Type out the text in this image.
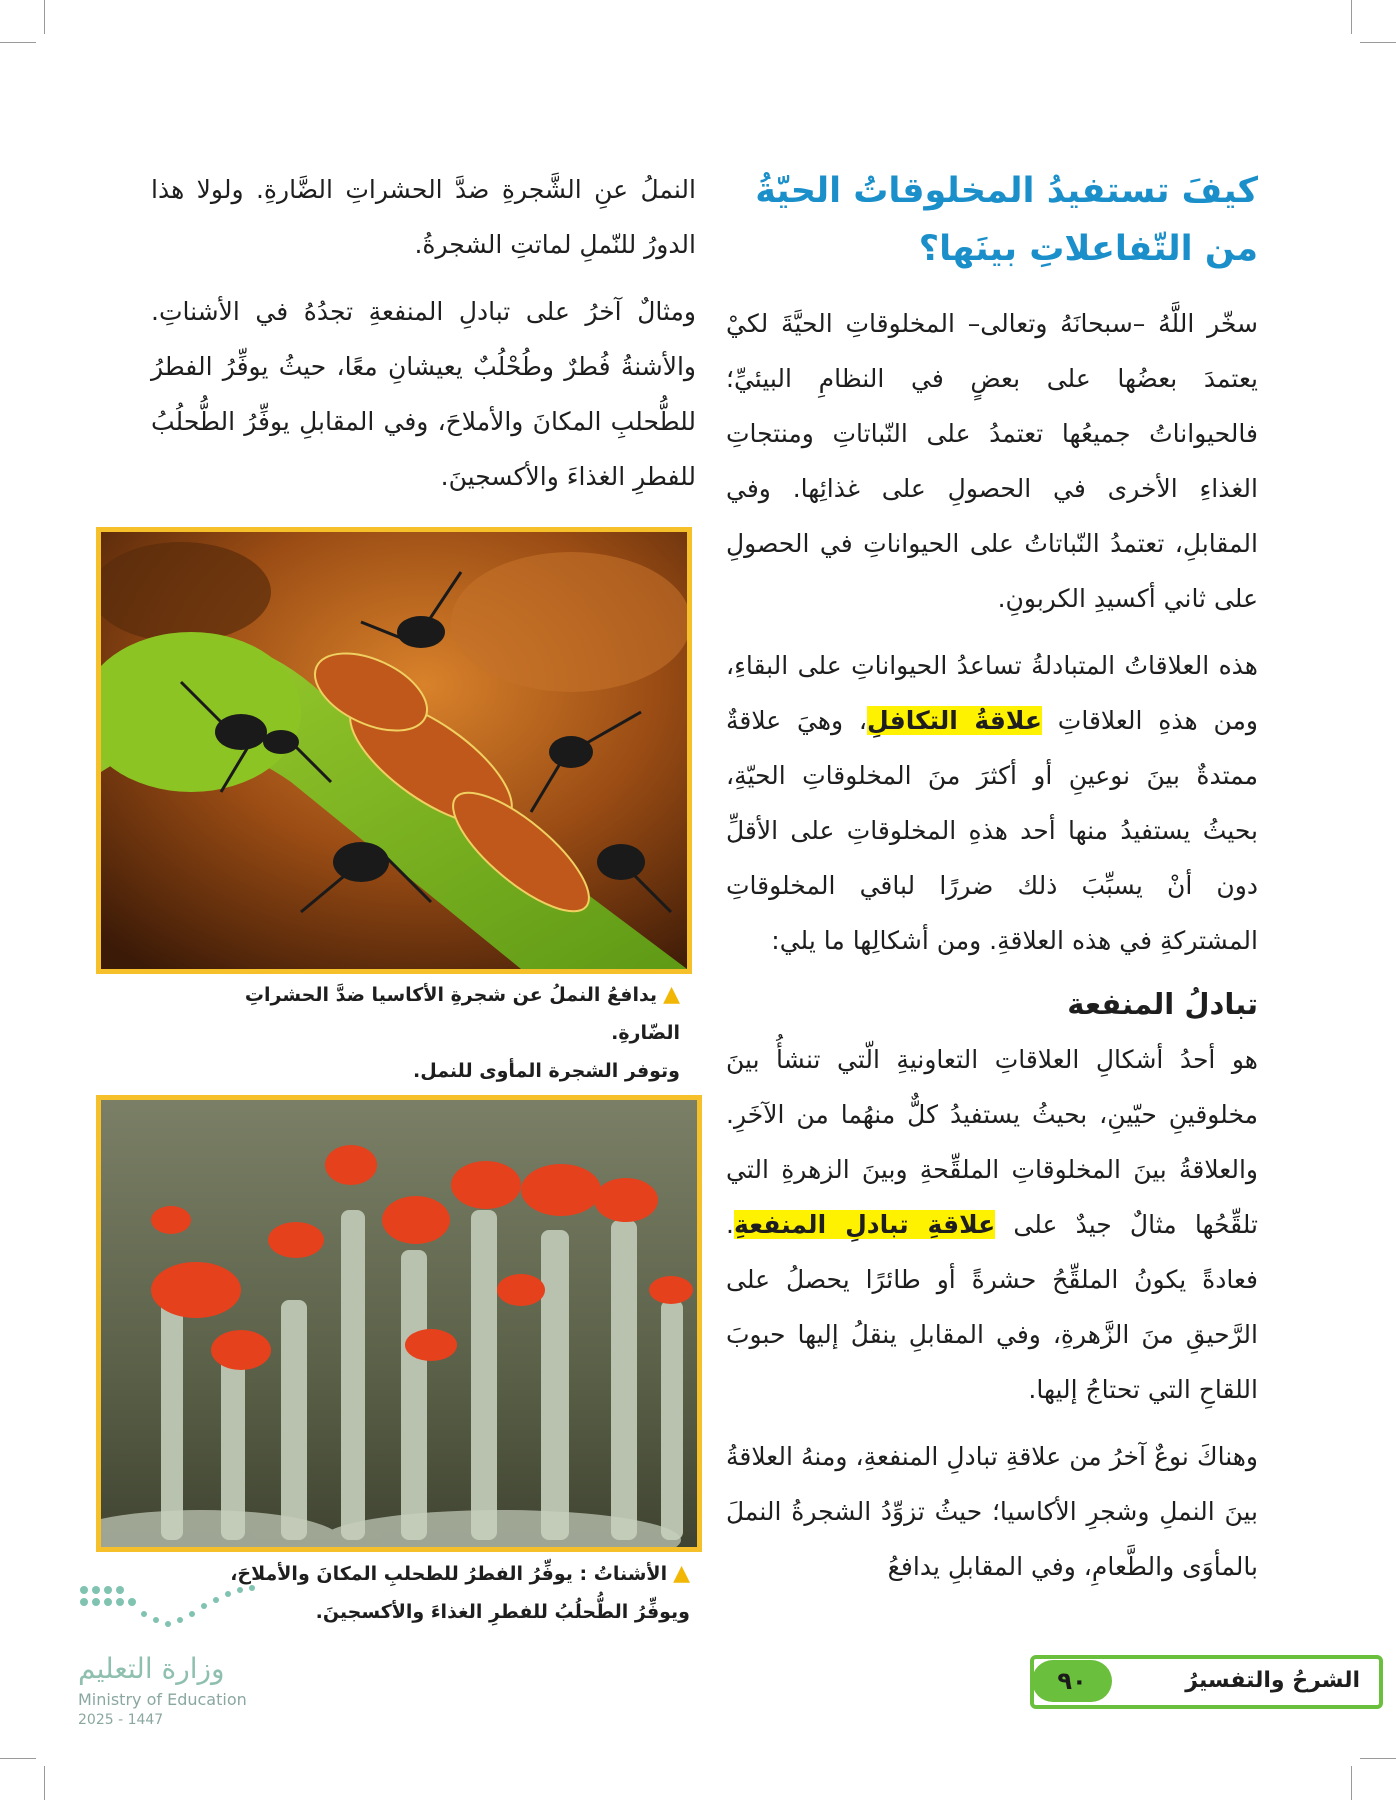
كيفَ تستفيدُ المخلوقاتُ الحيّةُ من التّفاعلاتِ بينَها؟

سخّر اللَّهُ –سبحانَهُ وتعالى– المخلوقاتِ الحيَّةَ لكيْ يعتمدَ بعضُها على بعضٍ في النظامِ البيئيِّ؛ فالحيواناتُ جميعُها تعتمدُ على النّباتاتِ ومنتجاتِ الغذاءِ الأخرى في الحصولِ على غذائِها. وفي المقابلِ، تعتمدُ النّباتاتُ على الحيواناتِ في الحصولِ على ثاني أكسيدِ الكربونِ.

هذه العلاقاتُ المتبادلةُ تساعدُ الحيواناتِ على البقاءِ، ومن هذهِ العلاقاتِ علاقةُ التكافلِ، وهيَ علاقةٌ ممتدةٌ بينَ نوعينِ أو أكثرَ منَ المخلوقاتِ الحيّةِ، بحيثُ يستفيدُ منها أحد هذهِ المخلوقاتِ على الأقلِّ دون أنْ يسبِّبَ ذلك ضررًا لباقي المخلوقاتِ المشتركةِ في هذه العلاقةِ. ومن أشكالِها ما يلي:

تبادلُ المنفعة

هو أحدُ أشكالِ العلاقاتِ التعاونيةِ الّتي تنشأُ بينَ مخلوقينِ حيّينِ، بحيثُ يستفيدُ كلٌّ منهُما من الآخَرِ. والعلاقةُ بينَ المخلوقاتِ الملقِّحةِ وبينَ الزهرةِ التي تلقِّحُها مثالٌ جيدٌ على علاقةِ تبادلِ المنفعةِ. فعادةً يكونُ الملقِّحُ حشرةً أو طائرًا يحصلُ على الرَّحيقِ منَ الزَّهرةِ، وفي المقابلِ ينقلُ إليها حبوبَ اللقاحِ التي تحتاجُ إليها.

وهناكَ نوعٌ آخرُ من علاقةِ تبادلِ المنفعةِ، ومنهُ العلاقةُ بينَ النملِ وشجرِ الأكاسيا؛ حيثُ تزوِّدُ الشجرةُ النملَ بالمأوَى والطَّعامِ، وفي المقابلِ يدافعُ

النملُ عنِ الشَّجرةِ ضدَّ الحشراتِ الضَّارةِ. ولولا هذا الدورُ للنّملِ لماتتِ الشجرةُ.

ومثالٌ آخرُ على تبادلِ المنفعةِ تجدُهُ في الأشناتِ. والأشنةُ فُطرٌ وطُحْلُبٌ يعيشانِ معًا، حيثُ يوفِّرُ الفطرُ للطُّحلبِ المكانَ والأملاحَ، وفي المقابلِ يوفِّرُ الطُّحلُبُ للفطرِ الغذاءَ والأكسجينَ.

▲يدافعُ النملُ عن شجرةِ الأكاسيا ضدَّ الحشراتِ الضّارةِ.
وتوفر الشجرة المأوى للنمل.
▲الأشناتُ : يوفِّرُ الفطرُ للطحلبِ المكانَ والأملاحَ،
ويوفِّرُ الطُّحلُبُ للفطرِ الغذاءَ والأكسجينَ.
وزارة التعليم
Ministry of Education
2025 - 1447
٩٠	الشرحُ والتفسيرُ
